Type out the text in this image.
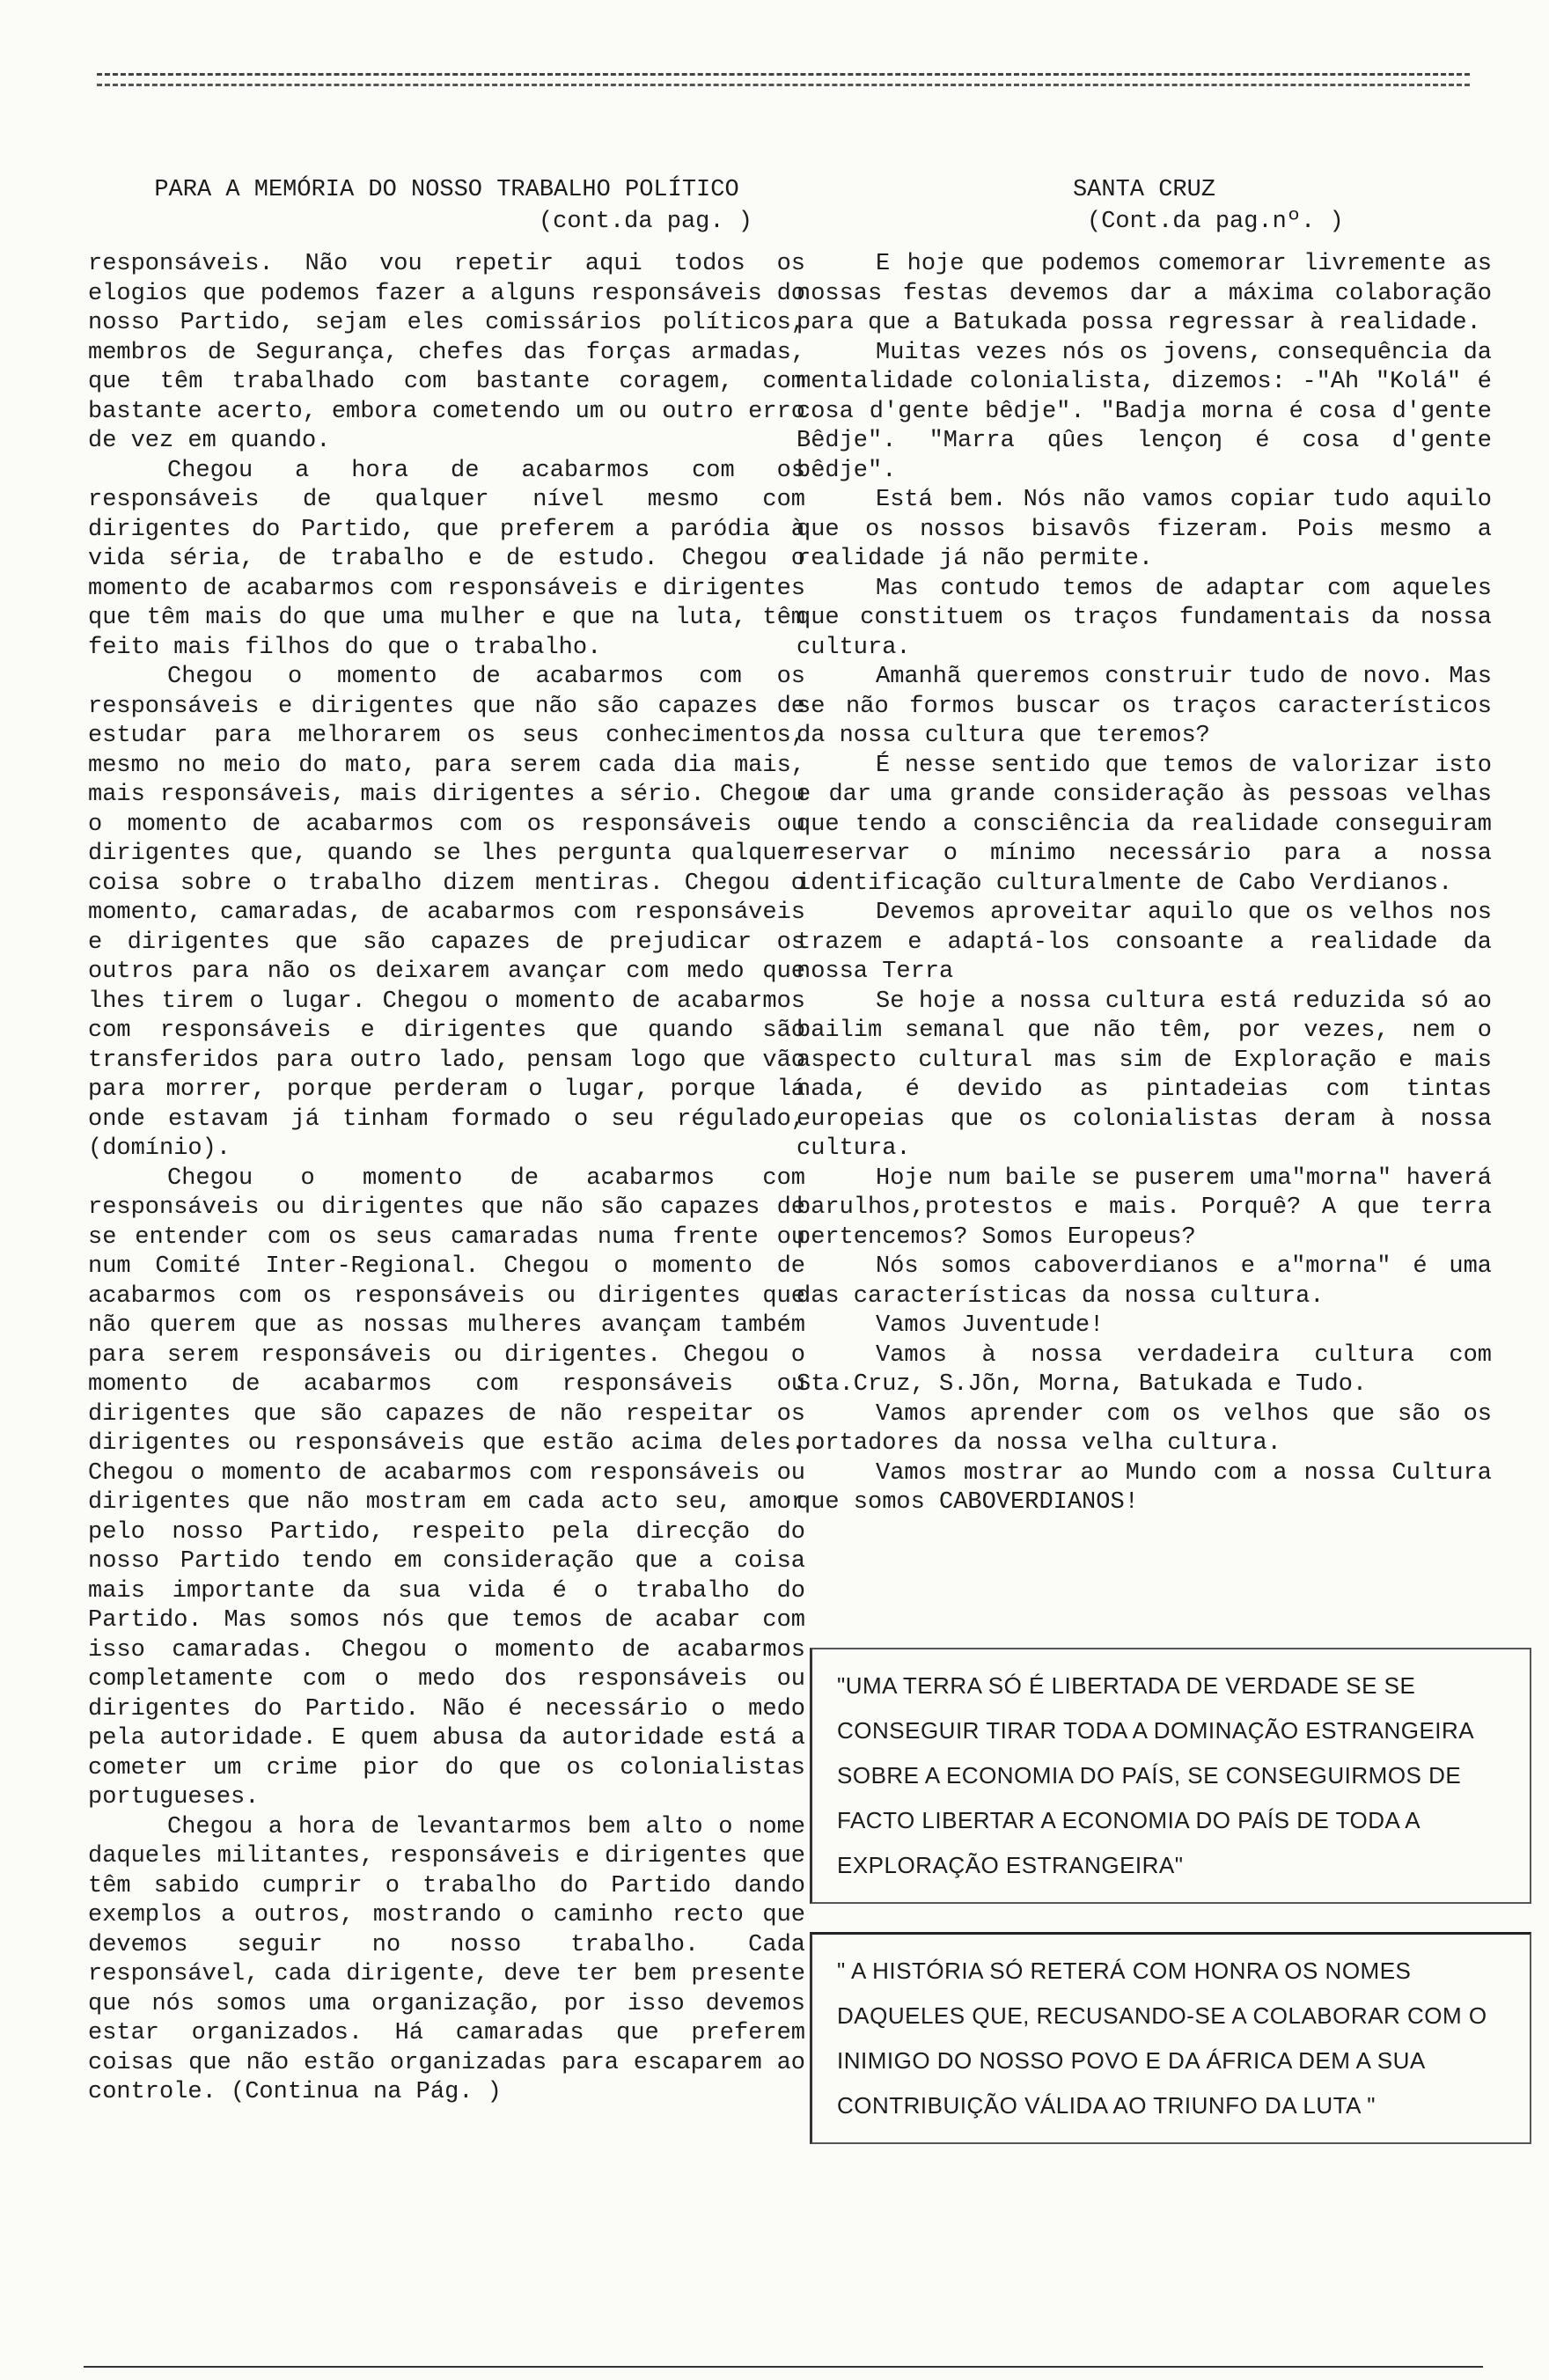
PARA A MEMÓRIA DO NOSSO TRABALHO POLÍTICO
(cont.da pag. )

responsáveis. Não vou repetir aqui todos os elogios que podemos fazer a alguns responsáveis do nosso Partido, sejam eles comissários políticos, membros de Segurança, chefes das forças armadas, que têm trabalhado com bastante coragem, com bastante acerto, embora cometendo um ou outro erro de vez em quando.

Chegou a hora de acabarmos com os responsáveis de qualquer nível mesmo com dirigentes do Partido, que preferem a paródia à vida séria, de trabalho e de estudo. Chegou o momento de acabarmos com responsáveis e dirigentes que têm mais do que uma mulher e que na luta, têm feito mais filhos do que o trabalho.

Chegou o momento de acabarmos com os responsáveis e dirigentes que não são capazes de estudar para melhorarem os seus conhecimentos, mesmo no meio do mato, para serem cada dia mais, mais responsáveis, mais dirigentes a sério. Chegou o momento de acabarmos com os responsáveis ou dirigentes que, quando se lhes pergunta qualquer coisa sobre o trabalho dizem mentiras. Chegou o momento, camaradas, de acabarmos com responsáveis e dirigentes que são capazes de prejudicar os outros para não os deixarem avançar com medo que lhes tirem o lugar. Chegou o momento de acabarmos com responsáveis e dirigentes que quando são transferidos para outro lado, pensam logo que vão para morrer, porque perderam o lugar, porque lá onde estavam já tinham formado o seu régulado,(domínio).

Chegou o momento de acabarmos com responsáveis ou dirigentes que não são capazes de se entender com os seus camaradas numa frente ou num Comité Inter-Regional. Chegou o momento de acabarmos com os responsáveis ou dirigentes que não querem que as nossas mulheres avançam também para serem responsáveis ou dirigentes. Chegou o momento de acabarmos com responsáveis ou dirigentes que são capazes de não respeitar os dirigentes ou responsáveis que estão acima deles. Chegou o momento de acabarmos com responsáveis ou dirigentes que não mostram em cada acto seu, amor pelo nosso Partido, respeito pela direcção do nosso Partido tendo em consideração que a coisa mais importante da sua vida é o trabalho do Partido. Mas somos nós que temos de acabar com isso camaradas. Chegou o momento de acabarmos completamente com o medo dos responsáveis ou dirigentes do Partido. Não é necessário o medo pela autoridade. E quem abusa da autoridade está a cometer um crime pior do que os colonialistas portugueses.

Chegou a hora de levantarmos bem alto o nome daqueles militantes, responsáveis e dirigentes que têm sabido cumprir o trabalho do Partido dando exemplos a outros, mostrando o caminho recto que devemos seguir no nosso trabalho. Cada responsável, cada dirigente, deve ter bem presente que nós somos uma organização, por isso devemos estar organizados. Há camaradas que preferem coisas que não estão organizadas para escaparem ao controle. (Continua na Pág. )

SANTA CRUZ
(Cont.da pag.nº. )

E hoje que podemos comemorar livremente as nossas festas devemos dar a máxima colaboração para que a Batukada possa regressar à realidade.

Muitas vezes nós os jovens, consequência da mentalidade colonialista, dizemos: -"Ah "Kolá" é cosa d'gente bêdje". "Badja morna é cosa d'gente Bêdje". "Marra qûes lençoŋ é cosa d'gente bêdje".

Está bem. Nós não vamos copiar tudo aquilo que os nossos bisavôs fizeram. Pois mesmo a realidade já não permite.

Mas contudo temos de adaptar com aqueles que constituem os traços fundamentais da nossa cultura.

Amanhã queremos construir tudo de novo. Mas se não formos buscar os traços característicos da nossa cultura que teremos?

É nesse sentido que temos de valorizar isto e dar uma grande consideração às pessoas velhas que tendo a consciência da realidade conseguiram reservar o mínimo necessário para a nossa identificação culturalmente de Cabo Verdianos.

Devemos aproveitar aquilo que os velhos nos trazem e adaptá-los consoante a realidade da nossa Terra

Se hoje a nossa cultura está reduzida só ao bailim semanal que não têm, por vezes, nem o aspecto cultural mas sim de Exploração e mais nada, é devido as pintadeias com tintas europeias que os colonialistas deram à nossa cultura.

Hoje num baile se puserem uma"morna" haverá barulhos,protestos e mais. Porquê? A que terra pertencemos? Somos Europeus?

Nós somos caboverdianos e a"morna" é uma das características da nossa cultura.

Vamos Juventude!

Vamos à nossa verdadeira cultura com Sta.Cruz, S.Jõn, Morna, Batukada e Tudo.

Vamos aprender com os velhos que são os portadores da nossa velha cultura.

Vamos mostrar ao Mundo com a nossa Cultura que somos CABOVERDIANOS!

"UMA TERRA SÓ É LIBERTADA DE VERDADE SE SE CONSEGUIR TIRAR TODA A DOMINAÇÃO ESTRANGEIRA SOBRE A ECONOMIA DO PAÍS, SE CONSEGUIRMOS DE FACTO LIBERTAR A ECONOMIA DO PAÍS DE TODA A EXPLORAÇÃO ESTRANGEIRA"
" A HISTÓRIA SÓ RETERÁ COM HONRA OS NOMES DAQUELES QUE, RECUSANDO-SE A COLABORAR COM O INIMIGO DO NOSSO POVO E DA ÁFRICA DEM A SUA CONTRIBUIÇÃO VÁLIDA AO TRIUNFO DA LUTA "
